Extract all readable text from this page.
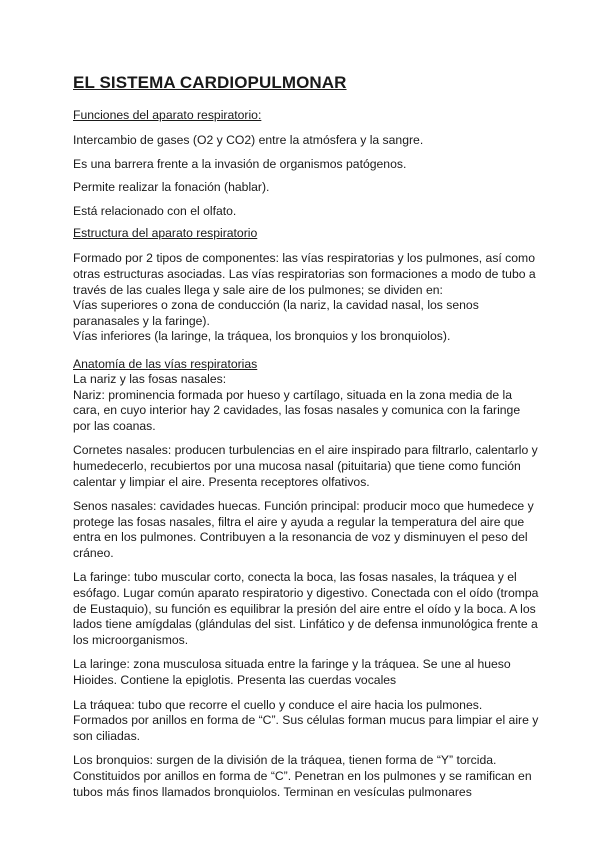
EL SISTEMA CARDIOPULMONAR
Funciones del aparato respiratorio:

Intercambio de gases (O2 y CO2) entre la atmósfera y la sangre.

Es una barrera frente a la invasión de organismos patógenos.

Permite realizar la fonación (hablar).

Está relacionado con el olfato.

Estructura del aparato respiratorio

Formado por 2 tipos de componentes: las vías respiratorias y los pulmones, así como otras estructuras asociadas. Las vías respiratorias son formaciones a modo de tubo a través de las cuales llega y sale aire de los pulmones; se dividen en:

Vías superiores o zona de conducción (la nariz, la cavidad nasal, los senos paranasales y la faringe).

Vías inferiores (la laringe, la tráquea, los bronquios y los bronquiolos).

Anatomía de las vías respiratorias

La nariz y las fosas nasales:

Nariz: prominencia formada por hueso y cartílago, situada en la zona media de la cara, en cuyo interior hay 2 cavidades, las fosas nasales y comunica con la faringe por las coanas.

Cornetes nasales: producen turbulencias en el aire inspirado para filtrarlo, calentarlo y humedecerlo, recubiertos por una mucosa nasal (pituitaria) que tiene como función calentar y limpiar el aire. Presenta receptores olfativos.

Senos nasales: cavidades huecas. Función principal: producir moco que humedece y protege las fosas nasales, filtra el aire y ayuda a regular la temperatura del aire que entra en los pulmones. Contribuyen a la resonancia de voz y disminuyen el peso del cráneo.

La faringe: tubo muscular corto, conecta la boca, las fosas nasales, la tráquea y el esófago. Lugar común aparato respiratorio y digestivo. Conectada con el oído (trompa de Eustaquio), su función es equilibrar la presión del aire entre el oído y la boca. A los lados tiene amígdalas (glándulas del sist. Linfático y de defensa inmunológica frente a los microorganismos.

La laringe: zona musculosa situada entre la faringe y la tráquea. Se une al hueso Hioides. Contiene la epiglotis. Presenta las cuerdas vocales

La tráquea: tubo que recorre el cuello y conduce el aire hacia los pulmones. Formados por anillos en forma de “C”. Sus células forman mucus para limpiar el aire y son ciliadas.

Los bronquios: surgen de la división de la tráquea, tienen forma de “Y” torcida. Constituidos por anillos en forma de “C”. Penetran en los pulmones y se ramifican en tubos más finos llamados bronquiolos. Terminan en vesículas pulmonares
